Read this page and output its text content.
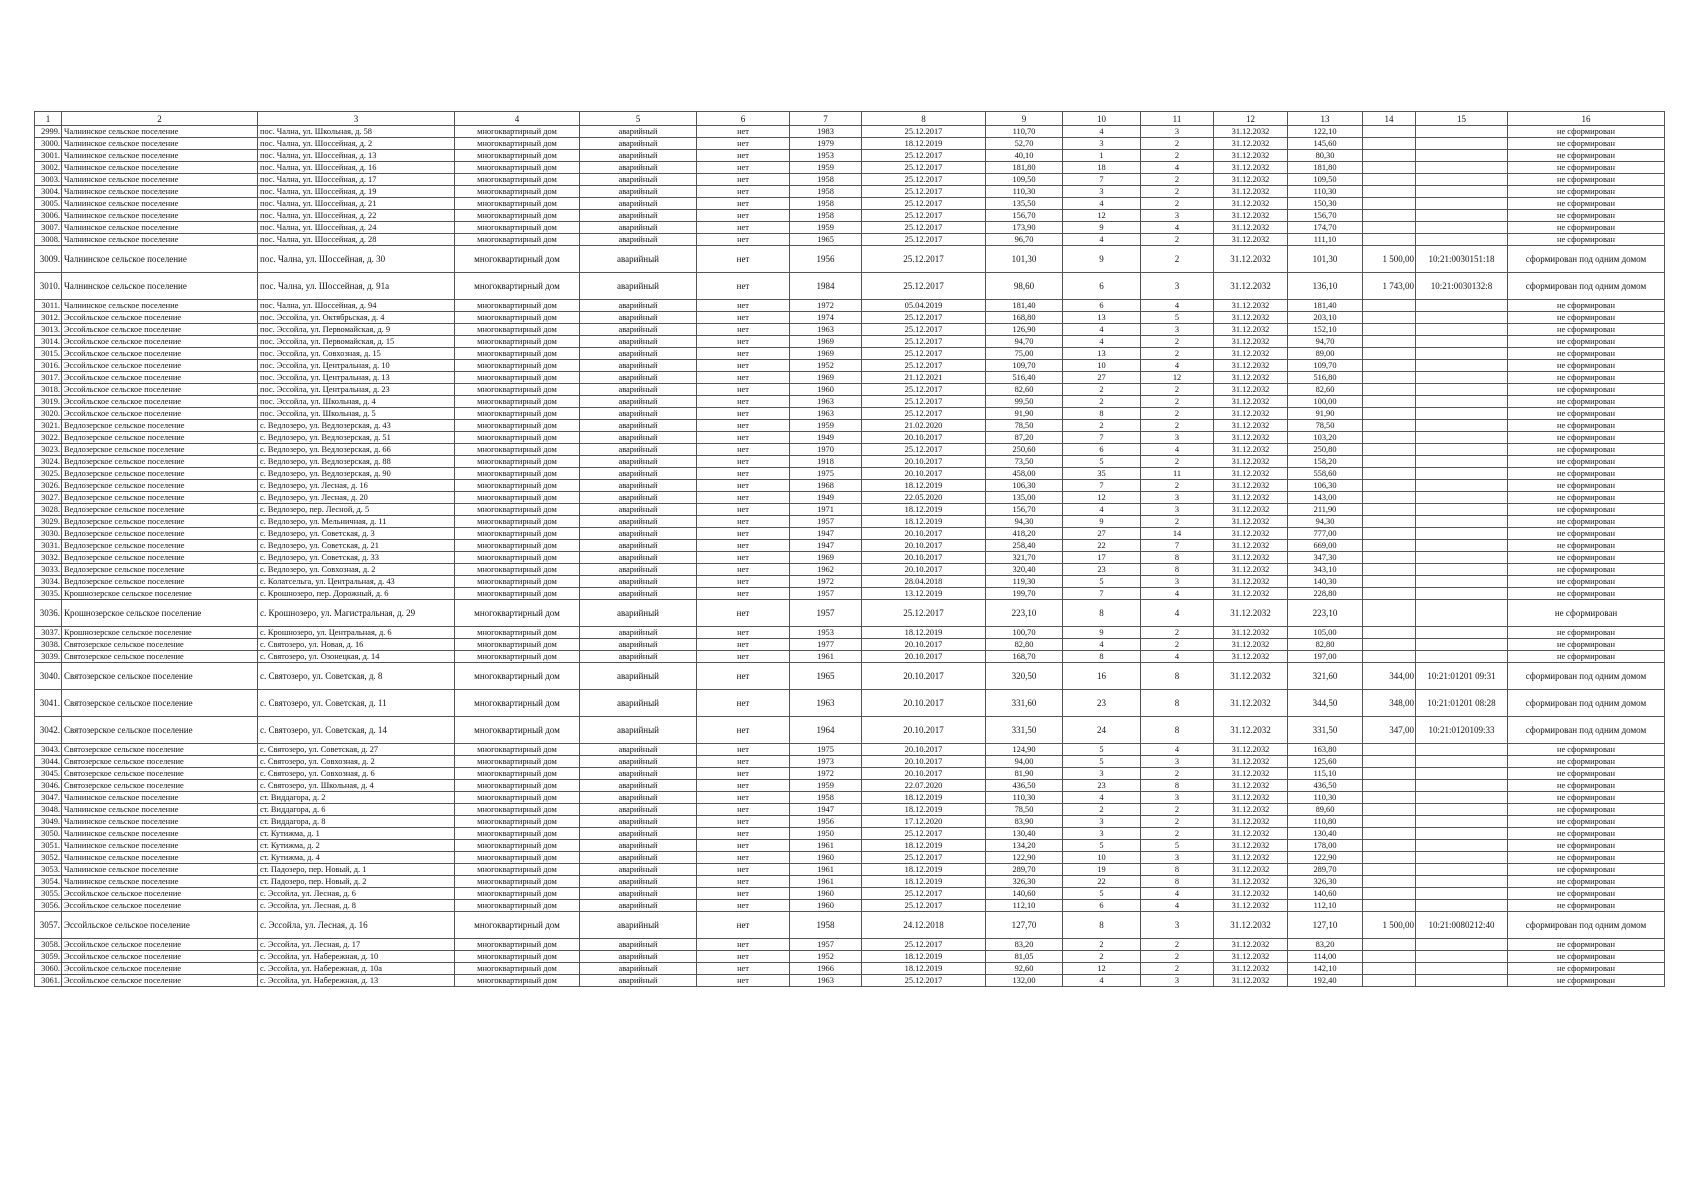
1	2	3	4	5	6	7	8	9	10	11	12	13	14	15	16
2999.	Чалнинское сельское поселение	пос. Чална, ул. Школьная, д. 58	многоквартирный дом	аварийный	нет	1983	25.12.2017	110,70	4	3	31.12.2032	122,10			не сформирован
3000.	Чалнинское сельское поселение	пос. Чална, ул. Шоссейная, д. 2	многоквартирный дом	аварийный	нет	1979	18.12.2019	52,70	3	2	31.12.2032	145,60			не сформирован
3001.	Чалнинское сельское поселение	пос. Чална, ул. Шоссейная, д. 13	многоквартирный дом	аварийный	нет	1953	25.12.2017	40,10	1	2	31.12.2032	80,30			не сформирован
3002.	Чалнинское сельское поселение	пос. Чална, ул. Шоссейная, д. 16	многоквартирный дом	аварийный	нет	1959	25.12.2017	181,80	18	4	31.12.2032	181,80			не сформирован
3003.	Чалнинское сельское поселение	пос. Чална, ул. Шоссейная, д. 17	многоквартирный дом	аварийный	нет	1958	25.12.2017	109,50	7	2	31.12.2032	109,50			не сформирован
3004.	Чалнинское сельское поселение	пос. Чална, ул. Шоссейная, д. 19	многоквартирный дом	аварийный	нет	1958	25.12.2017	110,30	3	2	31.12.2032	110,30			не сформирован
3005.	Чалнинское сельское поселение	пос. Чална, ул. Шоссейная, д. 21	многоквартирный дом	аварийный	нет	1958	25.12.2017	135,50	4	2	31.12.2032	150,30			не сформирован
3006.	Чалнинское сельское поселение	пос. Чална, ул. Шоссейная, д. 22	многоквартирный дом	аварийный	нет	1958	25.12.2017	156,70	12	3	31.12.2032	156,70			не сформирован
3007.	Чалнинское сельское поселение	пос. Чална, ул. Шоссейная, д. 24	многоквартирный дом	аварийный	нет	1959	25.12.2017	173,90	9	4	31.12.2032	174,70			не сформирован
3008.	Чалнинское сельское поселение	пос. Чална, ул. Шоссейная, д. 28	многоквартирный дом	аварийный	нет	1965	25.12.2017	96,70	4	2	31.12.2032	111,10			не сформирован
3009.	Чалнинское сельское поселение	пос. Чална, ул. Шоссейная, д. 30	многоквартирный дом	аварийный	нет	1956	25.12.2017	101,30	9	2	31.12.2032	101,30	1 500,00	10:21:0030151:18	сформирован под одним домом
3010.	Чалнинское сельское поселение	пос. Чална, ул. Шоссейная, д. 91а	многоквартирный дом	аварийный	нет	1984	25.12.2017	98,60	6	3	31.12.2032	136,10	1 743,00	10:21:0030132:8	сформирован под одним домом
3011.	Чалнинское сельское поселение	пос. Чална, ул. Шоссейная, д. 94	многоквартирный дом	аварийный	нет	1972	05.04.2019	181,40	6	4	31.12.2032	181,40			не сформирован
3012.	Эссойльское сельское поселение	пос. Эссойла, ул. Октябрьская, д. 4	многоквартирный дом	аварийный	нет	1974	25.12.2017	168,80	13	5	31.12.2032	203,10			не сформирован
3013.	Эссойльское сельское поселение	пос. Эссойла, ул. Первомайская, д. 9	многоквартирный дом	аварийный	нет	1963	25.12.2017	126,90	4	3	31.12.2032	152,10			не сформирован
3014.	Эссойльское сельское поселение	пос. Эссойла, ул. Первомайская, д. 15	многоквартирный дом	аварийный	нет	1969	25.12.2017	94,70	4	2	31.12.2032	94,70			не сформирован
3015.	Эссойльское сельское поселение	пос. Эссойла, ул. Совхозная, д. 15	многоквартирный дом	аварийный	нет	1969	25.12.2017	75,00	13	2	31.12.2032	89,00			не сформирован
3016.	Эссойльское сельское поселение	пос. Эссойла, ул. Центральная, д. 10	многоквартирный дом	аварийный	нет	1952	25.12.2017	109,70	10	4	31.12.2032	109,70			не сформирован
3017.	Эссойльское сельское поселение	пос. Эссойла, ул. Центральная, д. 13	многоквартирный дом	аварийный	нет	1969	21.12.2021	516,40	27	12	31.12.2032	516,80			не сформирован
3018.	Эссойльское сельское поселение	пос. Эссойла, ул. Центральная, д. 23	многоквартирный дом	аварийный	нет	1960	25.12.2017	82,60	2	2	31.12.2032	82,60			не сформирован
3019.	Эссойльское сельское поселение	пос. Эссойла, ул. Школьная, д. 4	многоквартирный дом	аварийный	нет	1963	25.12.2017	99,50	2	2	31.12.2032	100,00			не сформирован
3020.	Эссойльское сельское поселение	пос. Эссойла, ул. Школьная, д. 5	многоквартирный дом	аварийный	нет	1963	25.12.2017	91,90	8	2	31.12.2032	91,90			не сформирован
3021.	Ведлозерское сельское поселение	с. Ведлозеро, ул. Ведлозерская, д. 43	многоквартирный дом	аварийный	нет	1959	21.02.2020	78,50	2	2	31.12.2032	78,50			не сформирован
3022.	Ведлозерское сельское поселение	с. Ведлозеро, ул. Ведлозерская, д. 51	многоквартирный дом	аварийный	нет	1949	20.10.2017	87,20	7	3	31.12.2032	103,20			не сформирован
3023.	Ведлозерское сельское поселение	с. Ведлозеро, ул. Ведлозерская, д. 66	многоквартирный дом	аварийный	нет	1970	25.12.2017	250,60	6	4	31.12.2032	250,80			не сформирован
3024.	Ведлозерское сельское поселение	с. Ведлозеро, ул. Ведлозерская, д. 88	многоквартирный дом	аварийный	нет	1918	20.10.2017	73,50	5	2	31.12.2032	158,20			не сформирован
3025.	Ведлозерское сельское поселение	с. Ведлозеро, ул. Ведлозерская, д. 90	многоквартирный дом	аварийный	нет	1975	20.10.2017	458,00	35	11	31.12.2032	558,60			не сформирован
3026.	Ведлозерское сельское поселение	с. Ведлозеро, ул. Лесная, д. 16	многоквартирный дом	аварийный	нет	1968	18.12.2019	106,30	7	2	31.12.2032	106,30			не сформирован
3027.	Ведлозерское сельское поселение	с. Ведлозеро, ул. Лесная, д. 20	многоквартирный дом	аварийный	нет	1949	22.05.2020	135,00	12	3	31.12.2032	143,00			не сформирован
3028.	Ведлозерское сельское поселение	с. Ведлозеро, пер. Лесной, д. 5	многоквартирный дом	аварийный	нет	1971	18.12.2019	156,70	4	3	31.12.2032	211,90			не сформирован
3029.	Ведлозерское сельское поселение	с. Ведлозеро, ул. Мельничная, д. 11	многоквартирный дом	аварийный	нет	1957	18.12.2019	94,30	9	2	31.12.2032	94,30			не сформирован
3030.	Ведлозерское сельское поселение	с. Ведлозеро, ул. Советская, д. 3	многоквартирный дом	аварийный	нет	1947	20.10.2017	418,20	27	14	31.12.2032	777,00			не сформирован
3031.	Ведлозерское сельское поселение	с. Ведлозеро, ул. Советская, д. 21	многоквартирный дом	аварийный	нет	1947	20.10.2017	258,40	22	7	31.12.2032	669,00			не сформирован
3032.	Ведлозерское сельское поселение	с. Ведлозеро, ул. Советская, д. 33	многоквартирный дом	аварийный	нет	1969	20.10.2017	321,70	17	8	31.12.2032	347,30			не сформирован
3033.	Ведлозерское сельское поселение	с. Ведлозеро, ул. Совхозная, д. 2	многоквартирный дом	аварийный	нет	1962	20.10.2017	320,40	23	8	31.12.2032	343,10			не сформирован
3034.	Ведлозерское сельское поселение	с. Колатсельга, ул. Центральная, д. 43	многоквартирный дом	аварийный	нет	1972	28.04.2018	119,30	5	3	31.12.2032	140,30			не сформирован
3035.	Крошнозерское сельское поселение	с. Крошнозеро, пер. Дорожный, д. 6	многоквартирный дом	аварийный	нет	1957	13.12.2019	199,70	7	4	31.12.2032	228,80			не сформирован
3036.	Крошнозерское сельское поселение	с. Крошнозеро, ул. Магистральная, д. 29	многоквартирный дом	аварийный	нет	1957	25.12.2017	223,10	8	4	31.12.2032	223,10			не сформирован
3037.	Крошнозерское сельское поселение	с. Крошнозеро, ул. Центральная, д. 6	многоквартирный дом	аварийный	нет	1953	18.12.2019	100,70	9	2	31.12.2032	105,00			не сформирован
3038.	Святозерское сельское поселение	с. Святозеро, ул. Новая, д. 16	многоквартирный дом	аварийный	нет	1977	20.10.2017	82,80	4	2	31.12.2032	82,80			не сформирован
3039.	Святозерское сельское поселение	с. Святозеро, ул. Озонецкая, д. 14	многоквартирный дом	аварийный	нет	1961	20.10.2017	168,70	8	4	31.12.2032	197,00			не сформирован
3040.	Святозерское сельское поселение	с. Святозеро, ул. Советская, д. 8	многоквартирный дом	аварийный	нет	1965	20.10.2017	320,50	16	8	31.12.2032	321,60	344,00	10:21:01201 09:31	сформирован под одним домом
3041.	Святозерское сельское поселение	с. Святозеро, ул. Советская, д. 11	многоквартирный дом	аварийный	нет	1963	20.10.2017	331,60	23	8	31.12.2032	344,50	348,00	10:21:01201 08:28	сформирован под одним домом
3042.	Святозерское сельское поселение	с. Святозеро, ул. Советская, д. 14	многоквартирный дом	аварийный	нет	1964	20.10.2017	331,50	24	8	31.12.2032	331,50	347,00	10:21:0120109:33	сформирован под одним домом
3043.	Святозерское сельское поселение	с. Святозеро, ул. Советская, д. 27	многоквартирный дом	аварийный	нет	1975	20.10.2017	124,90	5	4	31.12.2032	163,80			не сформирован
3044.	Святозерское сельское поселение	с. Святозеро, ул. Совхозная, д. 2	многоквартирный дом	аварийный	нет	1973	20.10.2017	94,00	5	3	31.12.2032	125,60			не сформирован
3045.	Святозерское сельское поселение	с. Святозеро, ул. Совхозная, д. 6	многоквартирный дом	аварийный	нет	1972	20.10.2017	81,90	3	2	31.12.2032	115,10			не сформирован
3046.	Святозерское сельское поселение	с. Святозеро, ул. Школьная, д. 4	многоквартирный дом	аварийный	нет	1959	22.07.2020	436,50	23	8	31.12.2032	436,50			не сформирован
3047.	Чалнинское сельское поселение	ст. Виддагора, д. 2	многоквартирный дом	аварийный	нет	1958	18.12.2019	110,30	4	3	31.12.2032	110,30			не сформирован
3048.	Чалнинское сельское поселение	ст. Виддагора, д. 6	многоквартирный дом	аварийный	нет	1947	18.12.2019	78,50	2	2	31.12.2032	89,60			не сформирован
3049.	Чалнинское сельское поселение	ст. Виддагора, д. 8	многоквартирный дом	аварийный	нет	1956	17.12.2020	83,90	3	2	31.12.2032	110,80			не сформирован
3050.	Чалнинское сельское поселение	ст. Кутижма, д. 1	многоквартирный дом	аварийный	нет	1950	25.12.2017	130,40	3	2	31.12.2032	130,40			не сформирован
3051.	Чалнинское сельское поселение	ст. Кутижма, д. 2	многоквартирный дом	аварийный	нет	1961	18.12.2019	134,20	5	5	31.12.2032	178,00			не сформирован
3052.	Чалнинское сельское поселение	ст. Кутижма, д. 4	многоквартирный дом	аварийный	нет	1960	25.12.2017	122,90	10	3	31.12.2032	122,90			не сформирован
3053.	Чалнинское сельское поселение	ст. Падозеро, пер. Новый, д. 1	многоквартирный дом	аварийный	нет	1961	18.12.2019	289,70	19	8	31.12.2032	289,70			не сформирован
3054.	Чалнинское сельское поселение	ст. Падозеро, пер. Новый, д. 2	многоквартирный дом	аварийный	нет	1961	18.12.2019	326,30	22	8	31.12.2032	326,30			не сформирован
3055.	Эссойльское сельское поселение	с. Эссойла, ул. Лесная, д. 6	многоквартирный дом	аварийный	нет	1960	25.12.2017	140,60	5	4	31.12.2032	140,60			не сформирован
3056.	Эссойльское сельское поселение	с. Эссойла, ул. Лесная, д. 8	многоквартирный дом	аварийный	нет	1960	25.12.2017	112,10	6	4	31.12.2032	112,10			не сформирован
3057.	Эссойльское сельское поселение	с. Эссойла, ул. Лесная, д. 16	многоквартирный дом	аварийный	нет	1958	24.12.2018	127,70	8	3	31.12.2032	127,10	1 500,00	10:21:0080212:40	сформирован под одним домом
3058.	Эссойльское сельское поселение	с. Эссойла, ул. Лесная, д. 17	многоквартирный дом	аварийный	нет	1957	25.12.2017	83,20	2	2	31.12.2032	83,20			не сформирован
3059.	Эссойльское сельское поселение	с. Эссойла, ул. Набережная, д. 10	многоквартирный дом	аварийный	нет	1952	18.12.2019	81,05	2	2	31.12.2032	114,00			не сформирован
3060.	Эссойльское сельское поселение	с. Эссойла, ул. Набережная, д. 10а	многоквартирный дом	аварийный	нет	1966	18.12.2019	92,60	12	2	31.12.2032	142,10			не сформирован
3061.	Эссойльское сельское поселение	с. Эссойла, ул. Набережная, д. 13	многоквартирный дом	аварийный	нет	1963	25.12.2017	132,00	4	3	31.12.2032	192,40			не сформирован
